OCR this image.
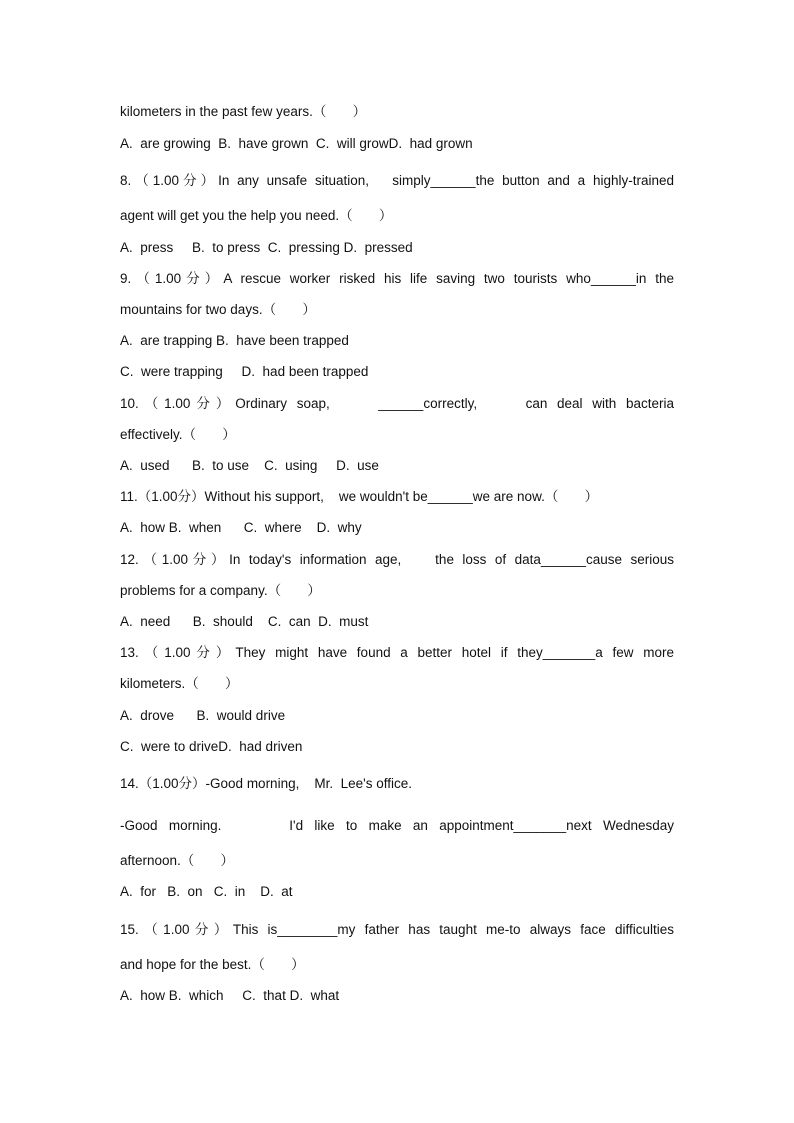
kilometers in the past few years.（       ）
A.  are growing  B.  have grown  C.  will growD.  had grown
8.（1.00分）In any unsafe situation,   simply______the button and a highly-trained
agent will get you the help you need.（       ）
A.  press     B.  to press  C.  pressing D.  pressed
9.（1.00分）A rescue worker risked his life saving two tourists who______in the
mountains for two days.（       ）
A.  are trapping B.  have been trapped
C.  were trapping     D.  had been trapped
10.（1.00分）Ordinary soap,     ______correctly,     can deal with bacteria
effectively.（       ）
A.  used      B.  to use    C.  using     D.  use
11.（1.00分）Without his support,    we wouldn't be______we are now.（       ）
A.  how B.  when      C.  where    D.  why
12.（1.00分）In today's information age,    the loss of data______cause serious
problems for a company.（       ）
A.  need      B.  should    C.  can  D.  must
13.（1.00分）They might have found a better hotel if they_______a few more
kilometers.（       ）
A.  drove      B.  would drive
C.  were to driveD.  had driven
14.（1.00分）-Good morning,    Mr.  Lee's office.
-Good morning.      I'd like to make an appointment_______next Wednesday
afternoon.（       ）
A.  for   B.  on   C.  in    D.  at
15.（1.00分）This is________my father has taught me-to always face difficulties
and hope for the best.（       ）
A.  how B.  which     C.  that D.  what
